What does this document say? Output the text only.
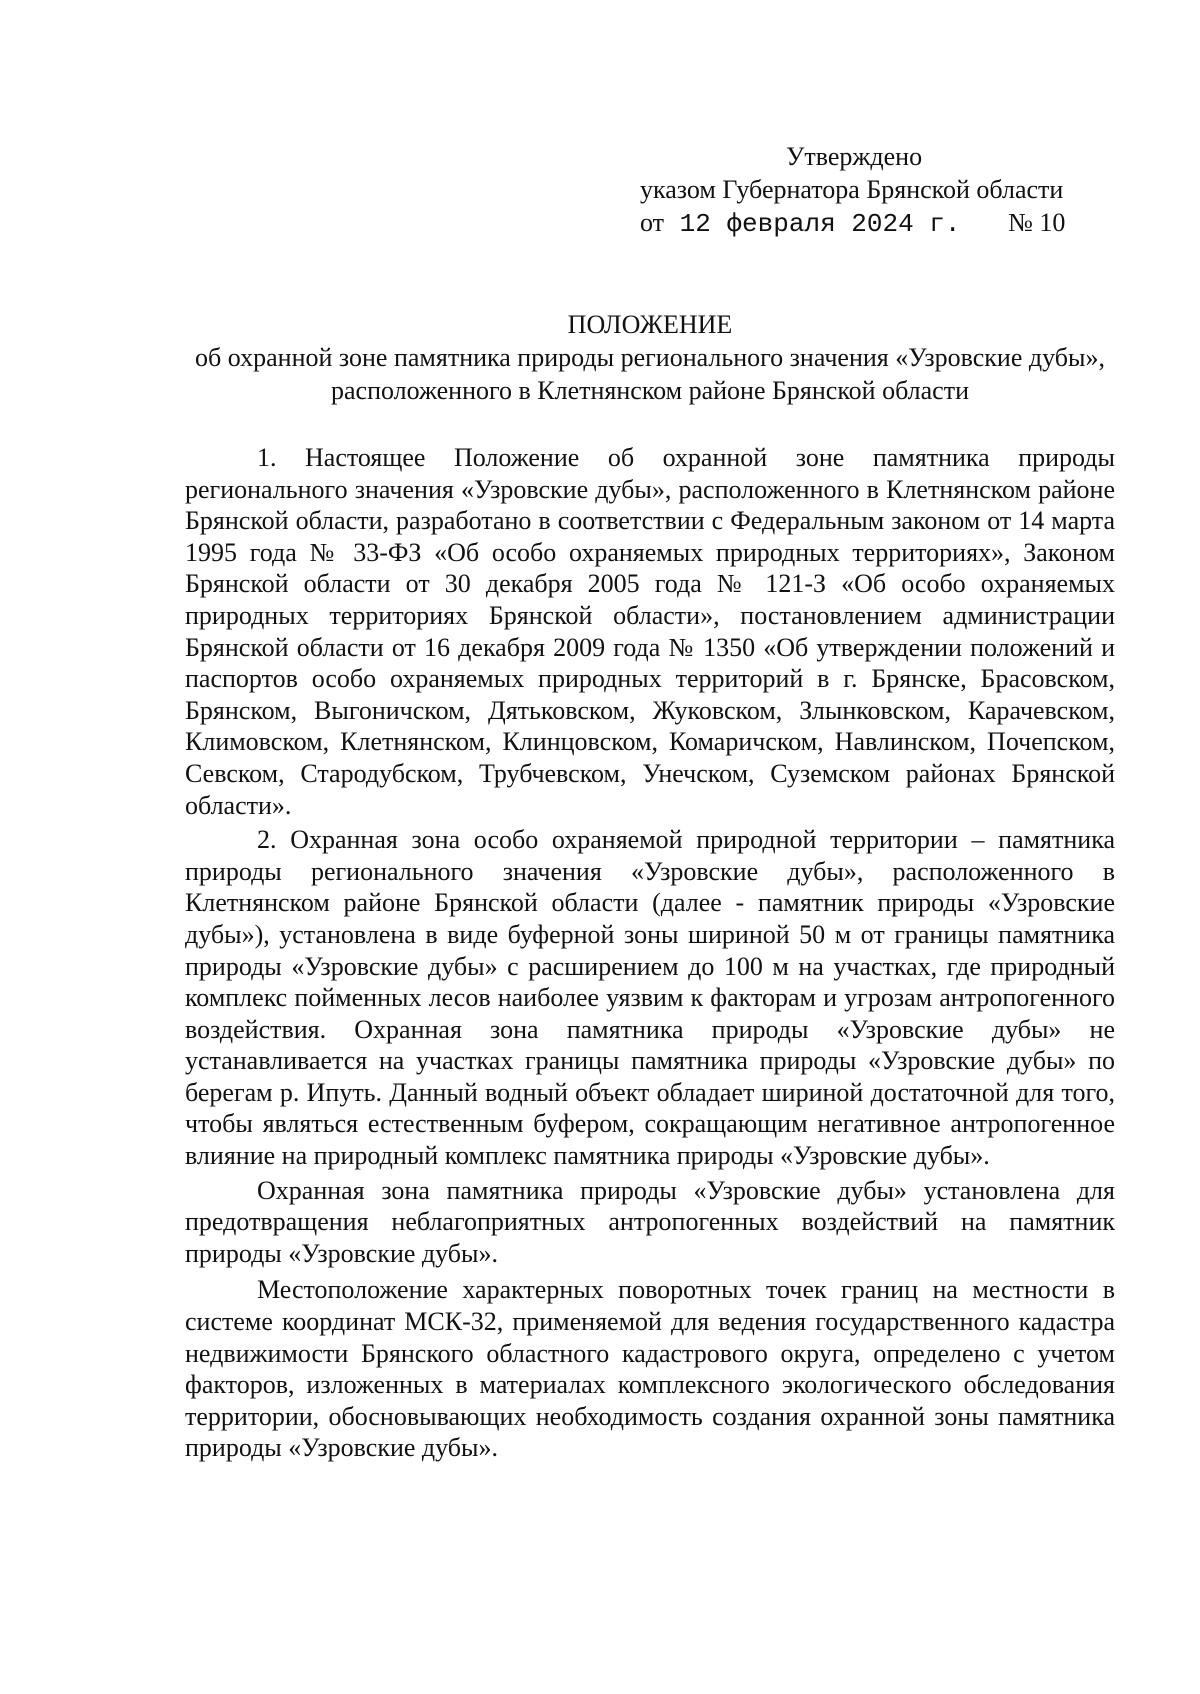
Утверждено
указом Губернатора Брянской области
от 12 февраля 2024 г. № 10
ПОЛОЖЕНИЕ
об охранной зоне памятника природы регионального значения «Узровские дубы», расположенного в Клетнянском районе Брянской области

1. Настоящее Положение об охранной зоне памятника природы регионального значения «Узровские дубы», расположенного в Клетнянском районе Брянской области, разработано в соответствии с Федеральным законом от 14 марта 1995 года № 33-ФЗ «Об особо охраняемых природных территориях», Законом Брянской области от 30 декабря 2005 года № 121-З «Об особо охраняемых природных территориях Брянской области», постановлением администрации Брянской области от 16 декабря 2009 года № 1350 «Об утверждении положений и паспортов особо охраняемых природных территорий в г. Брянске, Брасовском, Брянском, Выгоничском, Дятьковском, Жуковском, Злынковском, Карачевском, Климовском, Клетнянском, Клинцовском, Комаричском, Навлинском, Почепском, Севском, Стародубском, Трубчевском, Унечском, Суземском районах Брянской области».

2. Охранная зона особо охраняемой природной территории – памятника природы регионального значения «Узровские дубы», расположенного в Клетнянском районе Брянской области (далее - памятник природы «Узровские дубы»), установлена в виде буферной зоны шириной 50 м от границы памятника природы «Узровские дубы» с расширением до 100 м на участках, где природный комплекс пойменных лесов наиболее уязвим к факторам и угрозам антропогенного воздействия. Охранная зона памятника природы «Узровские дубы» не устанавливается на участках границы памятника природы «Узровские дубы» по берегам р. Ипуть. Данный водный объект обладает шириной достаточной для того, чтобы являться естественным буфером, сокращающим негативное антропогенное влияние на природный комплекс памятника природы «Узровские дубы».

Охранная зона памятника природы «Узровские дубы» установлена для предотвращения неблагоприятных антропогенных воздействий на памятник природы «Узровские дубы».

Местоположение характерных поворотных точек границ на местности в системе координат МСК-32, применяемой для ведения государственного кадастра недвижимости Брянского областного кадастрового округа, определено с учетом факторов, изложенных в материалах комплексного экологического обследования территории, обосновывающих необходимость создания охранной зоны памятника природы «Узровские дубы».
